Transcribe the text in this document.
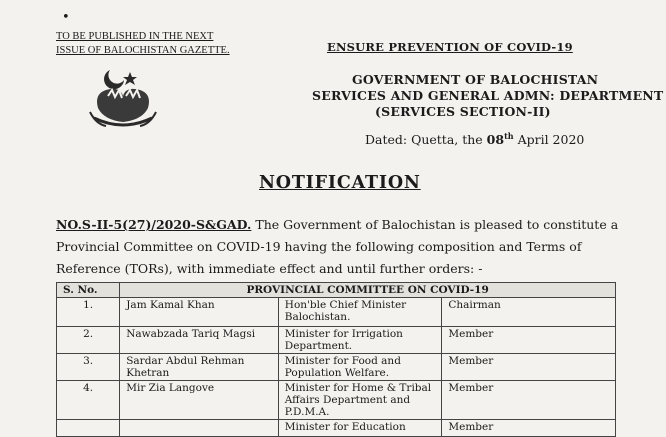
•
TO BE PUBLISHED IN THE NEXT
ISSUE OF BALOCHISTAN GAZETTE.	ENSURE PREVENTION OF COVID-19
GOVERNMENT OF BALOCHISTAN
SERVICES AND GENERAL ADMN: DEPARTMENT
(SERVICES SECTION-II)
Dated: Quetta, the 08th April 2020
NOTIFICATION
NO.S-II-5(27)/2020-S&GAD. The Government of Balochistan is pleased to constitute a Provincial Committee on COVID-19 having the following composition and Terms of Reference (TORs), with immediate effect and until further orders: -
S. No.	PROVINCIAL COMMITTEE ON COVID-19		
1.	Jam Kamal Khan	Hon'ble Chief Minister Balochistan.	Chairman
2.	Nawabzada Tariq Magsi	Minister for Irrigation Department.	Member
3.	Sardar Abdul Rehman Khetran	Minister for Food and Population Welfare.	Member
4.	Mir Zia Langove	Minister for Home & Tribal Affairs Department and P.D.M.A.	Member
		Minister for Education	Member
